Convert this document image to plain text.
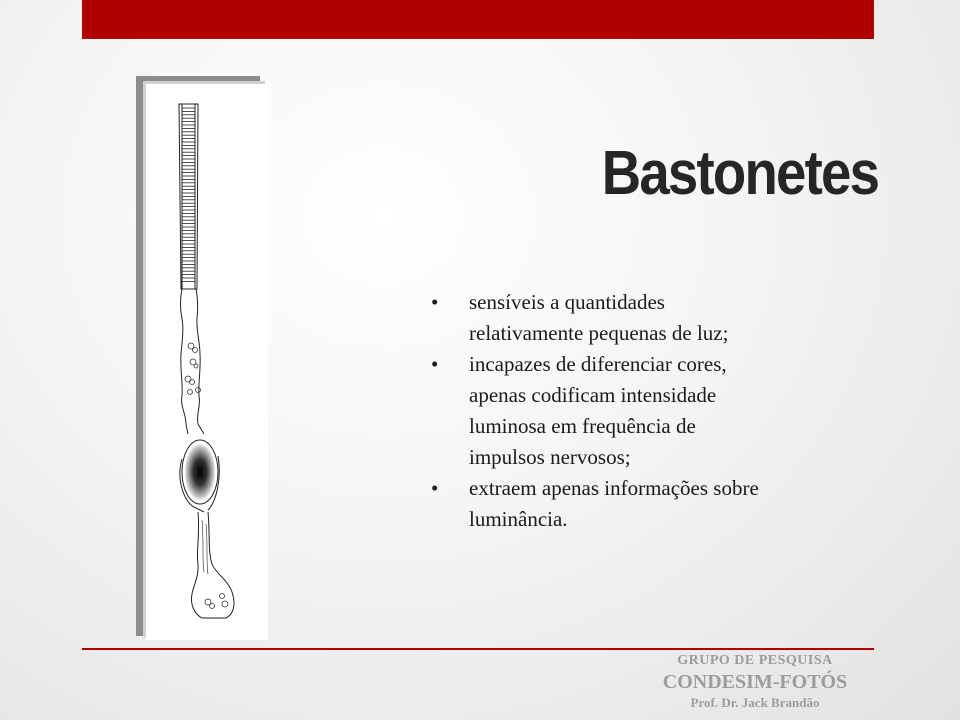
Bastonetes
• sensíveis a quantidades relativamente pequenas de luz;
• incapazes de diferenciar cores, apenas codificam intensidade luminosa em frequência de impulsos nervosos;
• extraem apenas informações sobre luminância.
GRUPO DE PESQUISA
CONDESIM-FOTÓS
Prof. Dr. Jack Brandão
